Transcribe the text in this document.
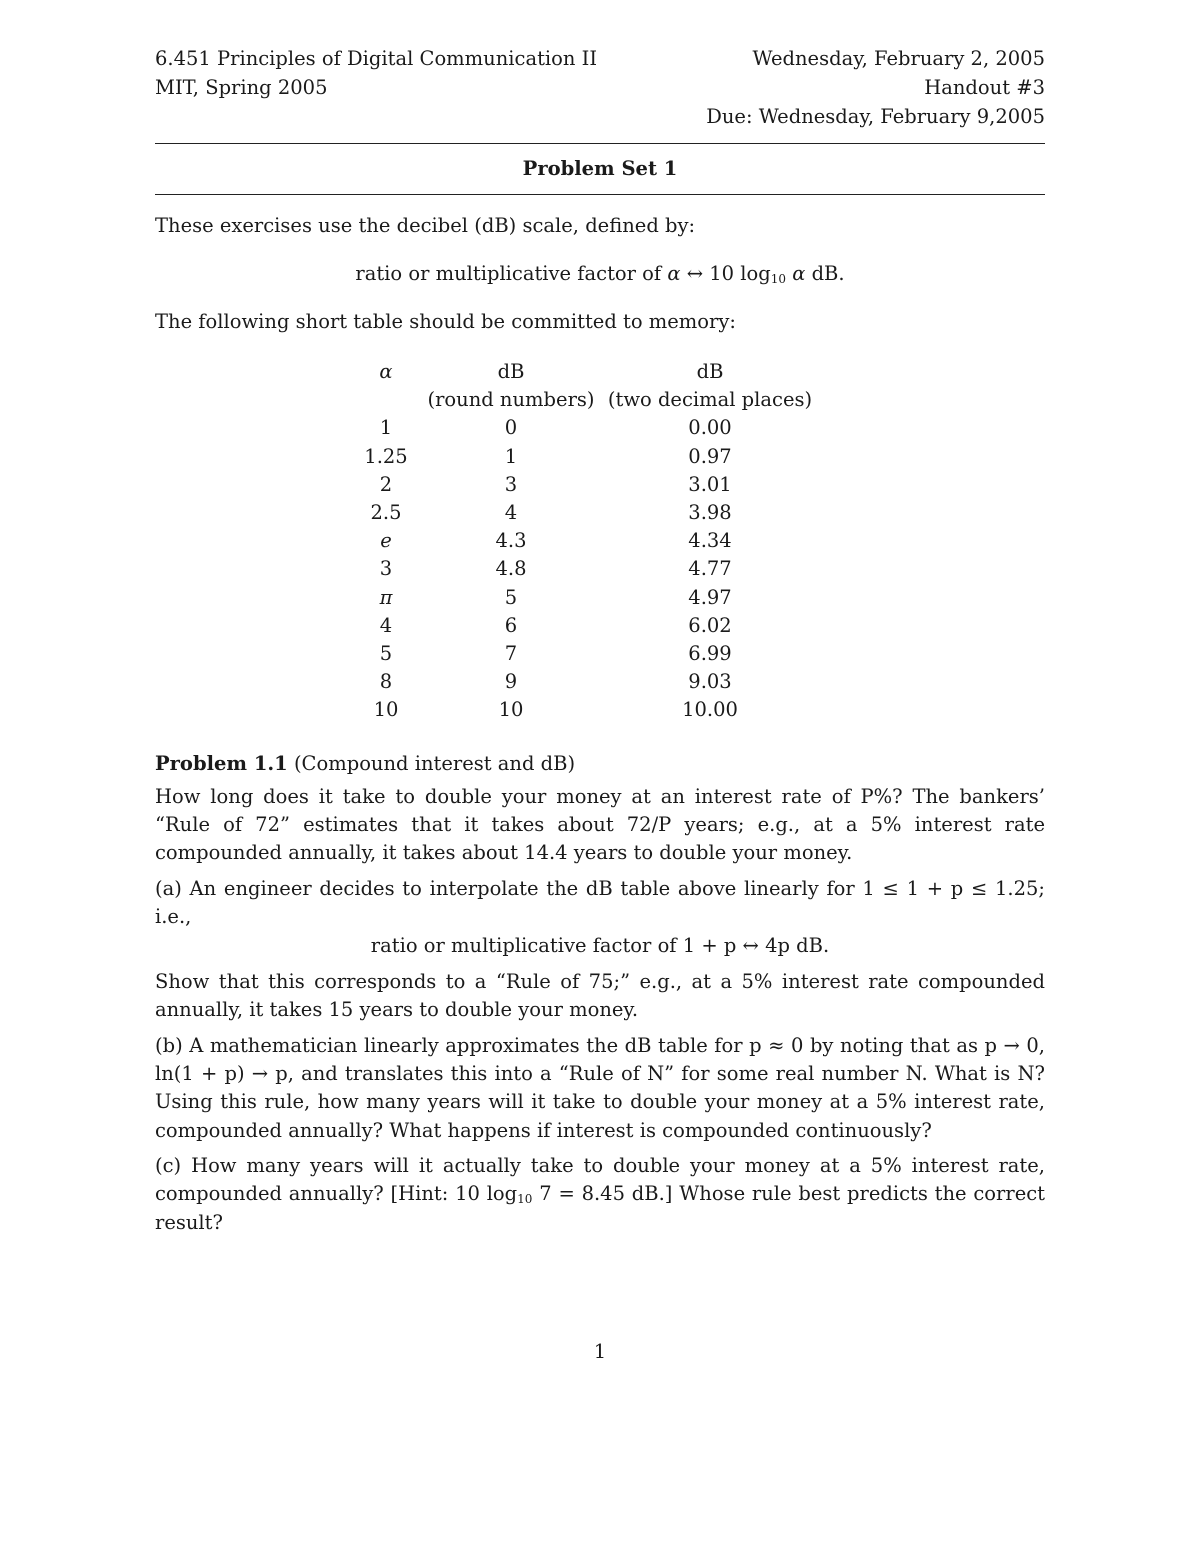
6.451 Principles of Digital Communication II	Wednesday, February 2, 2005
MIT, Spring 2005	Handout #3
Due: Wednesday, February 9,2005
Problem Set 1

These exercises use the decibel (dB) scale, defined by:

ratio or multiplicative factor of α ↔ 10 $\log_{10} \alpha$ dB.

The following short table should be committed to memory:

α	dB	dB
	(round numbers)	(two decimal places)
1	0	0.00
1.25	1	0.97
2	3	3.01
2.5	4	3.98
e	4.3	4.34
3	4.8	4.77
π	5	4.97
4	6	6.02
5	7	6.99
8	9	9.03
10	10	10.00

Problem 1.1 (Compound interest and dB)

How long does it take to double your money at an interest rate of P%? The bankers’ “Rule of 72” estimates that it takes about 72/P years; e.g., at a 5% interest rate compounded annually, it takes about 14.4 years to double your money.

(a) An engineer decides to interpolate the dB table above linearly for 1 ≤ 1 + p ≤ 1.25; i.e.,

ratio or multiplicative factor of 1 + p ↔ 4p dB.

Show that this corresponds to a “Rule of 75;” e.g., at a 5% interest rate compounded annually, it takes 15 years to double your money.

(b) A mathematician linearly approximates the dB table for p ≈ 0 by noting that as p → 0, ln(1 + p) → p, and translates this into a “Rule of N” for some real number N. What is N? Using this rule, how many years will it take to double your money at a 5% interest rate, compounded annually? What happens if interest is compounded continuously?

(c) How many years will it actually take to double your money at a 5% interest rate, compounded annually? [Hint: 10 $\log_{10} 7 = 8.45$ dB.] Whose rule best predicts the correct result?

1
